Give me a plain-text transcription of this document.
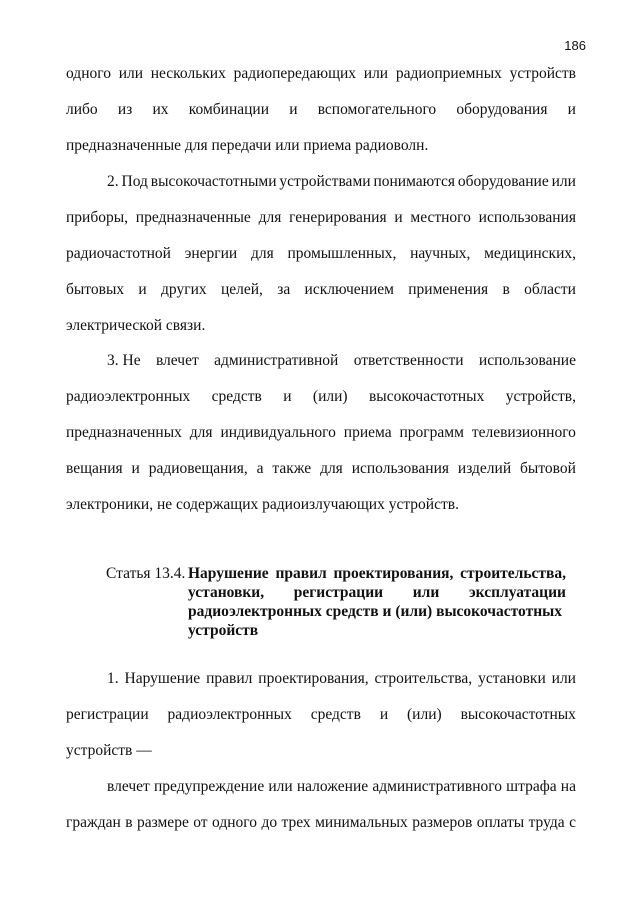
186
одного или нескольких радиопередающих или радиоприемных устройств
либо из их комбинации и вспомогательного оборудования и
предназначенные для передачи или приема радиоволн.
2. Под высокочастотными устройствами понимаются оборудование или
приборы, предназначенные для генерирования и местного использования
радиочастотной энергии для промышленных, научных, медицинских,
бытовых и других целей, за исключением применения в области
электрической связи.
3. Не влечет административной ответственности использование
радиоэлектронных средств и (или) высокочастотных устройств,
предназначенных для индивидуального приема программ телевизионного
вещания и радиовещания, а также для использования изделий бытовой
электроники, не содержащих радиоизлучающих устройств.
Статья 13.4. Нарушение правил проектирования, строительства,
установки, регистрации или эксплуатации
радиоэлектронных средств и (или) высокочастотных
устройств
1. Нарушение правил проектирования, строительства, установки или
регистрации радиоэлектронных средств и (или) высокочастотных
устройств —
влечет предупреждение или наложение административного штрафа на
граждан в размере от одного до трех минимальных размеров оплаты труда с
